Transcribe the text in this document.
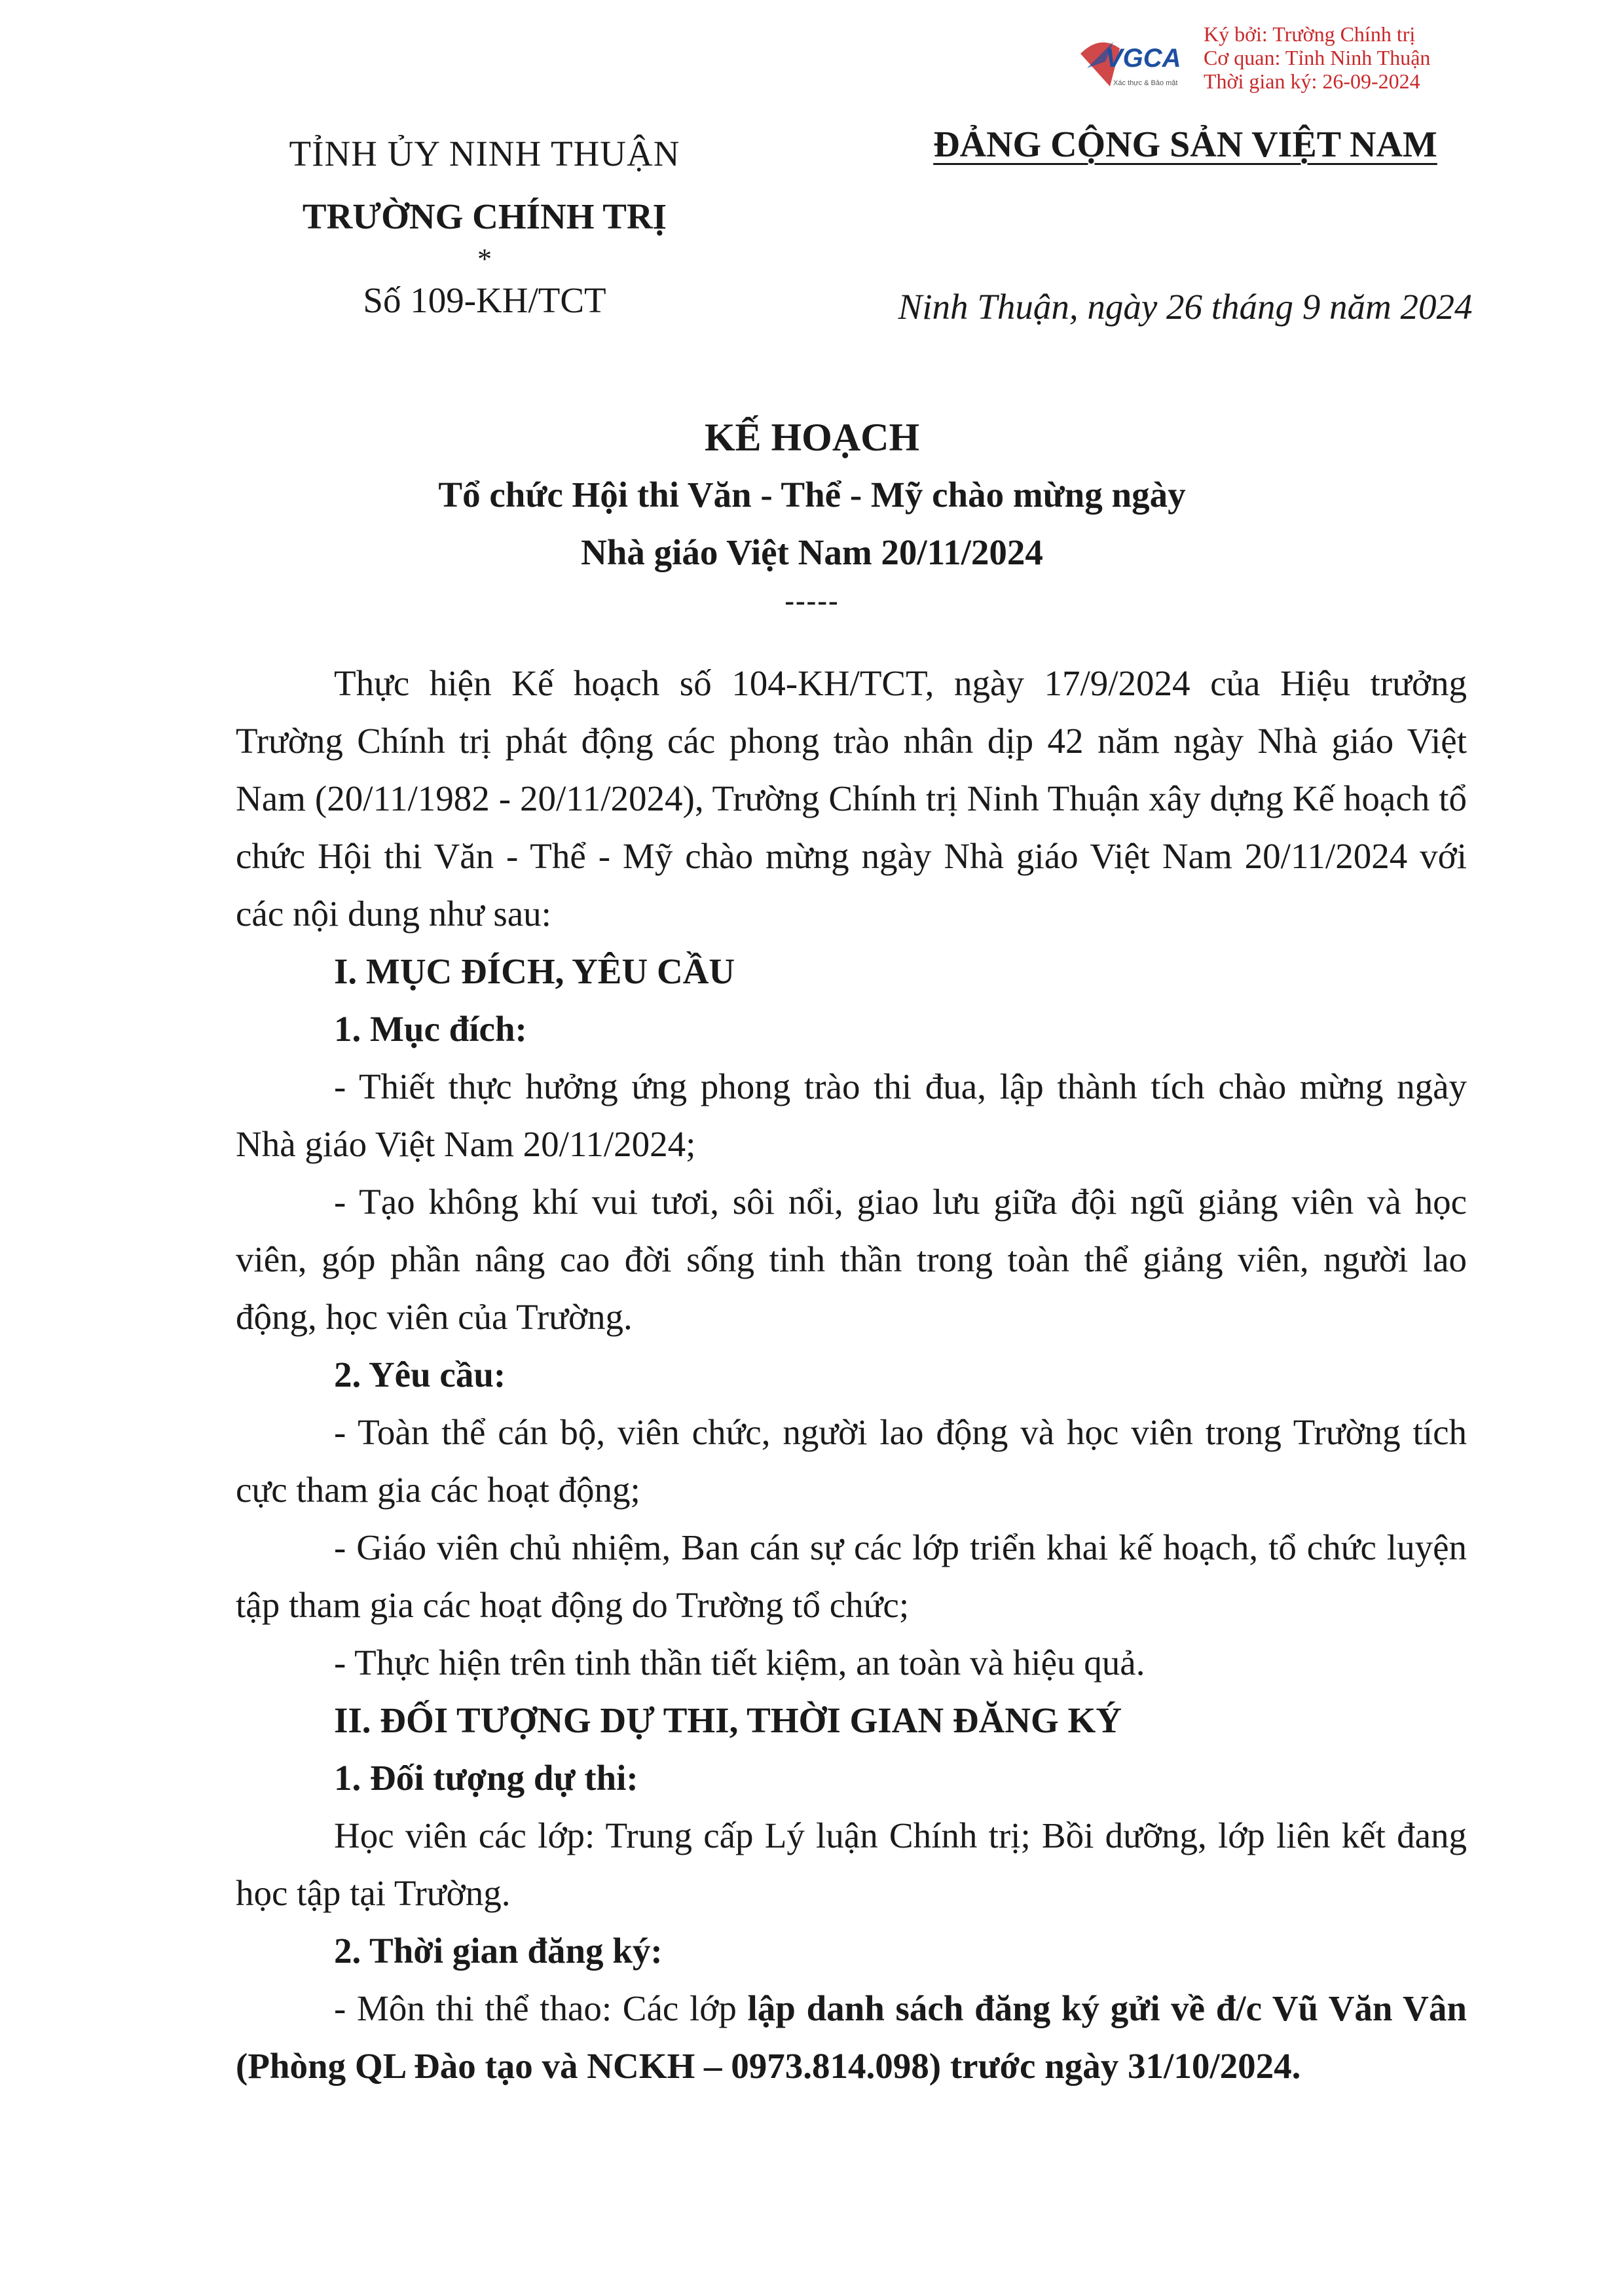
VGCA
Xác thực & Bảo mật
Ký bởi: Trường Chính trị
Cơ quan: Tỉnh Ninh Thuận
Thời gian ký: 26-09-2024
TỈNH ỦY NINH THUẬN
TRƯỜNG CHÍNH TRỊ
*
Số 109-KH/TCT
ĐẢNG CỘNG SẢN VIỆT NAM
Ninh Thuận, ngày 26 tháng 9 năm 2024
KẾ HOẠCH
Tổ chức Hội thi Văn - Thể - Mỹ chào mừng ngày
Nhà giáo Việt Nam 20/11/2024
-----

Thực hiện Kế hoạch số 104-KH/TCT, ngày 17/9/2024 của Hiệu trưởng Trường Chính trị phát động các phong trào nhân dịp 42 năm ngày Nhà giáo Việt Nam (20/11/1982 - 20/11/2024), Trường Chính trị Ninh Thuận xây dựng Kế hoạch tổ chức Hội thi Văn - Thể - Mỹ chào mừng ngày Nhà giáo Việt Nam 20/11/2024 với các nội dung như sau:

I. MỤC ĐÍCH, YÊU CẦU

1. Mục đích:

- Thiết thực hưởng ứng phong trào thi đua, lập thành tích chào mừng ngày Nhà giáo Việt Nam 20/11/2024;

- Tạo không khí vui tươi, sôi nổi, giao lưu giữa đội ngũ giảng viên và học viên, góp phần nâng cao đời sống tinh thần trong toàn thể giảng viên, người lao động, học viên của Trường.

2. Yêu cầu:

- Toàn thể cán bộ, viên chức, người lao động và học viên trong Trường tích cực tham gia các hoạt động;

- Giáo viên chủ nhiệm, Ban cán sự các lớp triển khai kế hoạch, tổ chức luyện tập tham gia các hoạt động do Trường tổ chức;

- Thực hiện trên tinh thần tiết kiệm, an toàn và hiệu quả.

II. ĐỐI TƯỢNG DỰ THI, THỜI GIAN ĐĂNG KÝ

1. Đối tượng dự thi:

Học viên các lớp: Trung cấp Lý luận Chính trị; Bồi dưỡng, lớp liên kết đang học tập tại Trường.

2. Thời gian đăng ký:

- Môn thi thể thao: Các lớp lập danh sách đăng ký gửi về đ/c Vũ Văn Vân (Phòng QL Đào tạo và NCKH – 0973.814.098) trước ngày 31/10/2024.
